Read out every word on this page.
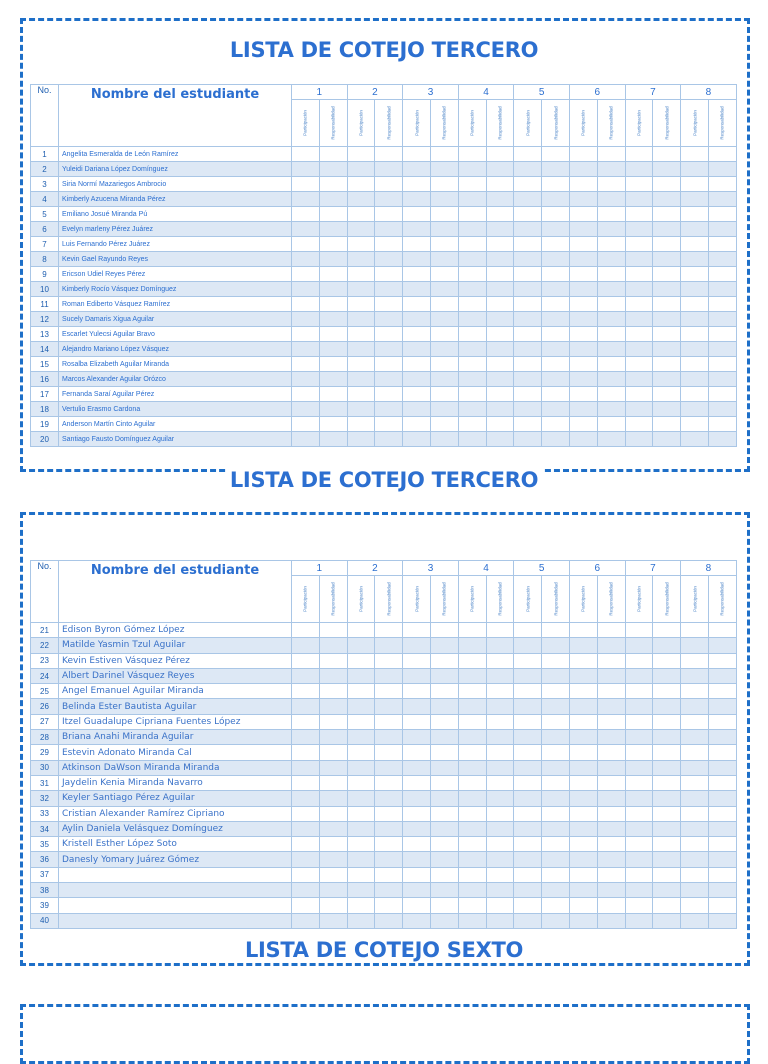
LISTA DE COTEJO TERCERO
No.	Nombre del estudiante	1		2		3		4		5		6		7		8	

		Participación	Responsabilidad	Participación	Responsabilidad	Participación	Responsabilidad	Participación	Responsabilidad	Participación	Responsabilidad	Participación	Responsabilidad	Participación	Responsabilidad	Participación	Responsabilidad

1	Angelita Esmeralda de León Ramírez																
2	Yuleidi Dariana López Domínguez																
3	Siria Normí Mazariegos Ambrocio																
4	Kimberly Azucena Miranda Pérez																
5	Emiliano Josué Miranda Pú																
6	Evelyn marleny Pérez Juárez																
7	Luis Fernando Pérez Juárez																
8	Kevin Gael Rayundo Reyes																
9	Ericson Udiel Reyes Pérez																
10	Kimberly Rocío Vásquez Domínguez																
11	Roman Ediberto Vásquez Ramírez																
12	Sucely Damaris Xigua Aguilar																
13	Escarlet Yulecsi Aguilar Bravo																
14	Alejandro Mariano López Vásquez																
15	Rosalba Elizabeth Aguilar Miranda																
16	Marcos Alexander Aguilar Orózco																
17	Fernanda Saraí Aguilar Pérez																
18	Vertulio Erasmo Cardona																
19	Anderson Martín Cinto Aguilar																
20	Santiago Fausto Domínguez Aguilar																
LISTA DE COTEJO TERCERO
No.	Nombre del estudiante	1		2		3		4		5		6		7		8	

		Participación	Responsabilidad	Participación	Responsabilidad	Participación	Responsabilidad	Participación	Responsabilidad	Participación	Responsabilidad	Participación	Responsabilidad	Participación	Responsabilidad	Participación	Responsabilidad

21	Edison Byron Gómez López																
22	Matilde Yasmin Tzul Aguilar																
23	Kevin Estiven Vásquez Pérez																
24	Albert Darinel Vásquez Reyes																
25	Angel Emanuel Aguilar Miranda																
26	Belinda Ester Bautista Aguilar																
27	Itzel Guadalupe Cipriana Fuentes López																
28	Briana Anahi Miranda Aguilar																
29	Estevin Adonato Miranda Cal																
30	Atkinson DaWson Miranda Miranda																
31	Jaydelin Kenia Miranda Navarro																
32	Keyler Santiago Pérez Aguilar																
33	Cristian Alexander Ramírez Cipriano																
34	Aylin Daniela Velásquez Domínguez																
35	Kristell Esther López Soto																
36	Danesly Yomary Juárez Gómez																
37																	
38																	
39																	
40																	
LISTA DE COTEJO SEXTO
